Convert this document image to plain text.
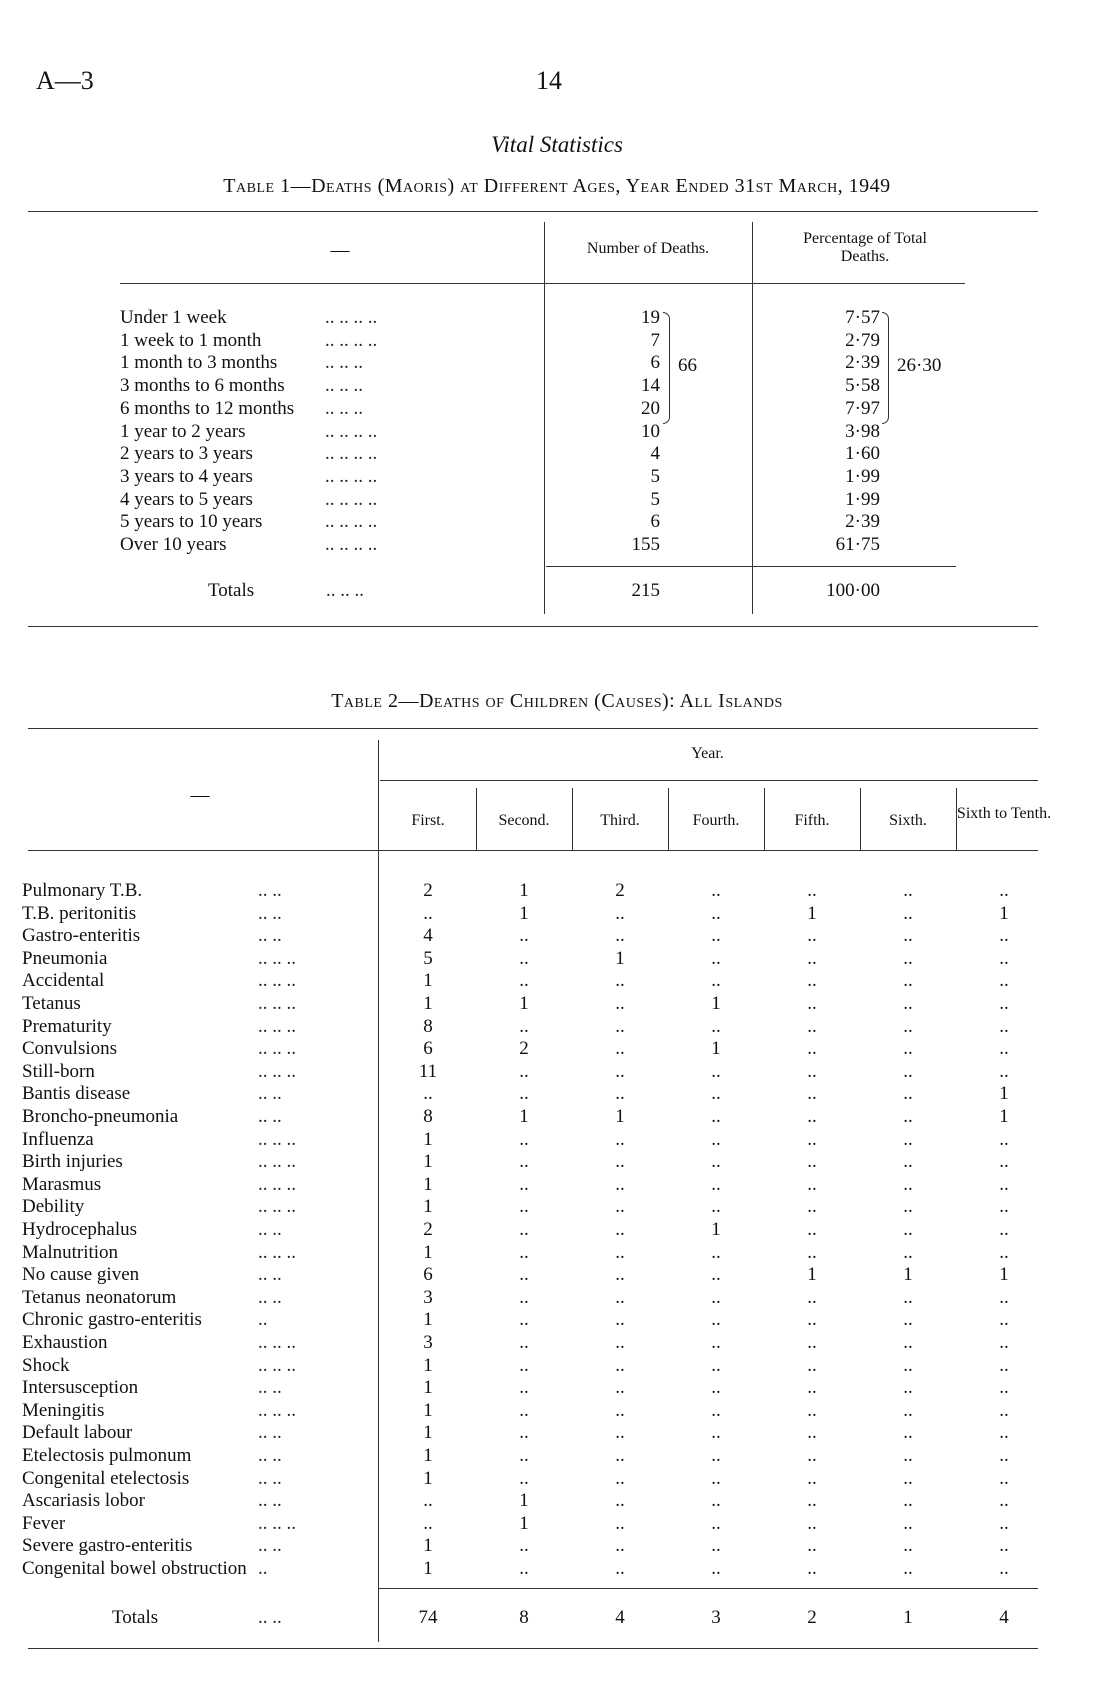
A—3	14
Vital Statistics
Table 1—Deaths (Maoris) at Different Ages, Year Ended 31st March, 1949
—	Number of Deaths.
Percentage of Total Deaths.
Under 1 week	.. .. .. ..	19	7·57
1 week to 1 month	.. .. .. ..	7	2·79
1 month to 3 months	.. .. ..	6	2·39
3 months to 6 months .. .. ..	14	5·58
6 months to 12 months .. .. ..	20	7·97
1 year to 2 years	.. .. .. ..	10	3·98
2 years to 3 years	.. .. .. ..	4	1·60
3 years to 4 years	.. .. .. ..	5	1·99
4 years to 5 years	.. .. .. ..	5	1·99
5 years to 10 years	.. .. .. ..	6	2·39
Over 10 years	.. .. .. ..	155	61·75
66	26·30
Totals	.. .. ..	215	100·00
Table 2—Deaths of Children (Causes): All Islands
—
Year.
First.	Second.	Third.	Fourth.	Fifth.	Sixth.	Sixth to Tenth.
Pulmonary T.B.	.. ..	2	1	2	..	..	..	..
T.B. peritonitis	.. ..	..	1	..	..	1	..	1
Gastro-enteritis	.. ..	4	..	..	..	..	..	..
Pneumonia	.. .. ..	5	..	1	..	..	..	..
Accidental	.. .. ..	1	..	..	..	..	..	..
Tetanus	.. .. ..	1	1	..	1	..	..	..
Prematurity	.. .. ..	8	..	..	..	..	..	..
Convulsions	.. .. ..	6	2	..	1	..	..	..
Still-born	.. .. ..	11	..	..	..	..	..	..
Bantis disease	.. ..	..	..	..	..	..	..	1
Broncho-pneumonia	.. ..	8	1	1	..	..	..	1
Influenza	.. .. ..	1	..	..	..	..	..	..
Birth injuries	.. .. ..	1	..	..	..	..	..	..
Marasmus	.. .. ..	1	..	..	..	..	..	..
Debility	.. .. ..	1	..	..	..	..	..	..
Hydrocephalus	.. ..	2	..	..	1	..	..	..
Malnutrition	.. .. ..	1	..	..	..	..	..	..
No cause given	.. ..	6	..	..	..	1	1	1
Tetanus neonatorum	.. ..	3	..	..	..	..	..	..
Chronic gastro-enteritis	..	1	..	..	..	..	..	..
Exhaustion	.. .. ..	3	..	..	..	..	..	..
Shock	.. .. ..	1	..	..	..	..	..	..
Intersusception	.. ..	1	..	..	..	..	..	..
Meningitis	.. .. ..	1	..	..	..	..	..	..
Default labour	.. ..	1	..	..	..	..	..	..
Etelectosis pulmonum	.. ..	1	..	..	..	..	..	..
Congenital etelectosis	.. ..	1	..	..	..	..	..	..
Ascariasis lobor	.. ..	..	1	..	..	..	..	..
Fever	.. .. ..	..	1	..	..	..	..	..
Severe gastro-enteritis	.. ..	1	..	..	..	..	..	..
Congenital bowel obstruction ..	1	..	..	..	..	..	..
Totals	.. ..	74	8	4	3	2	1	4
